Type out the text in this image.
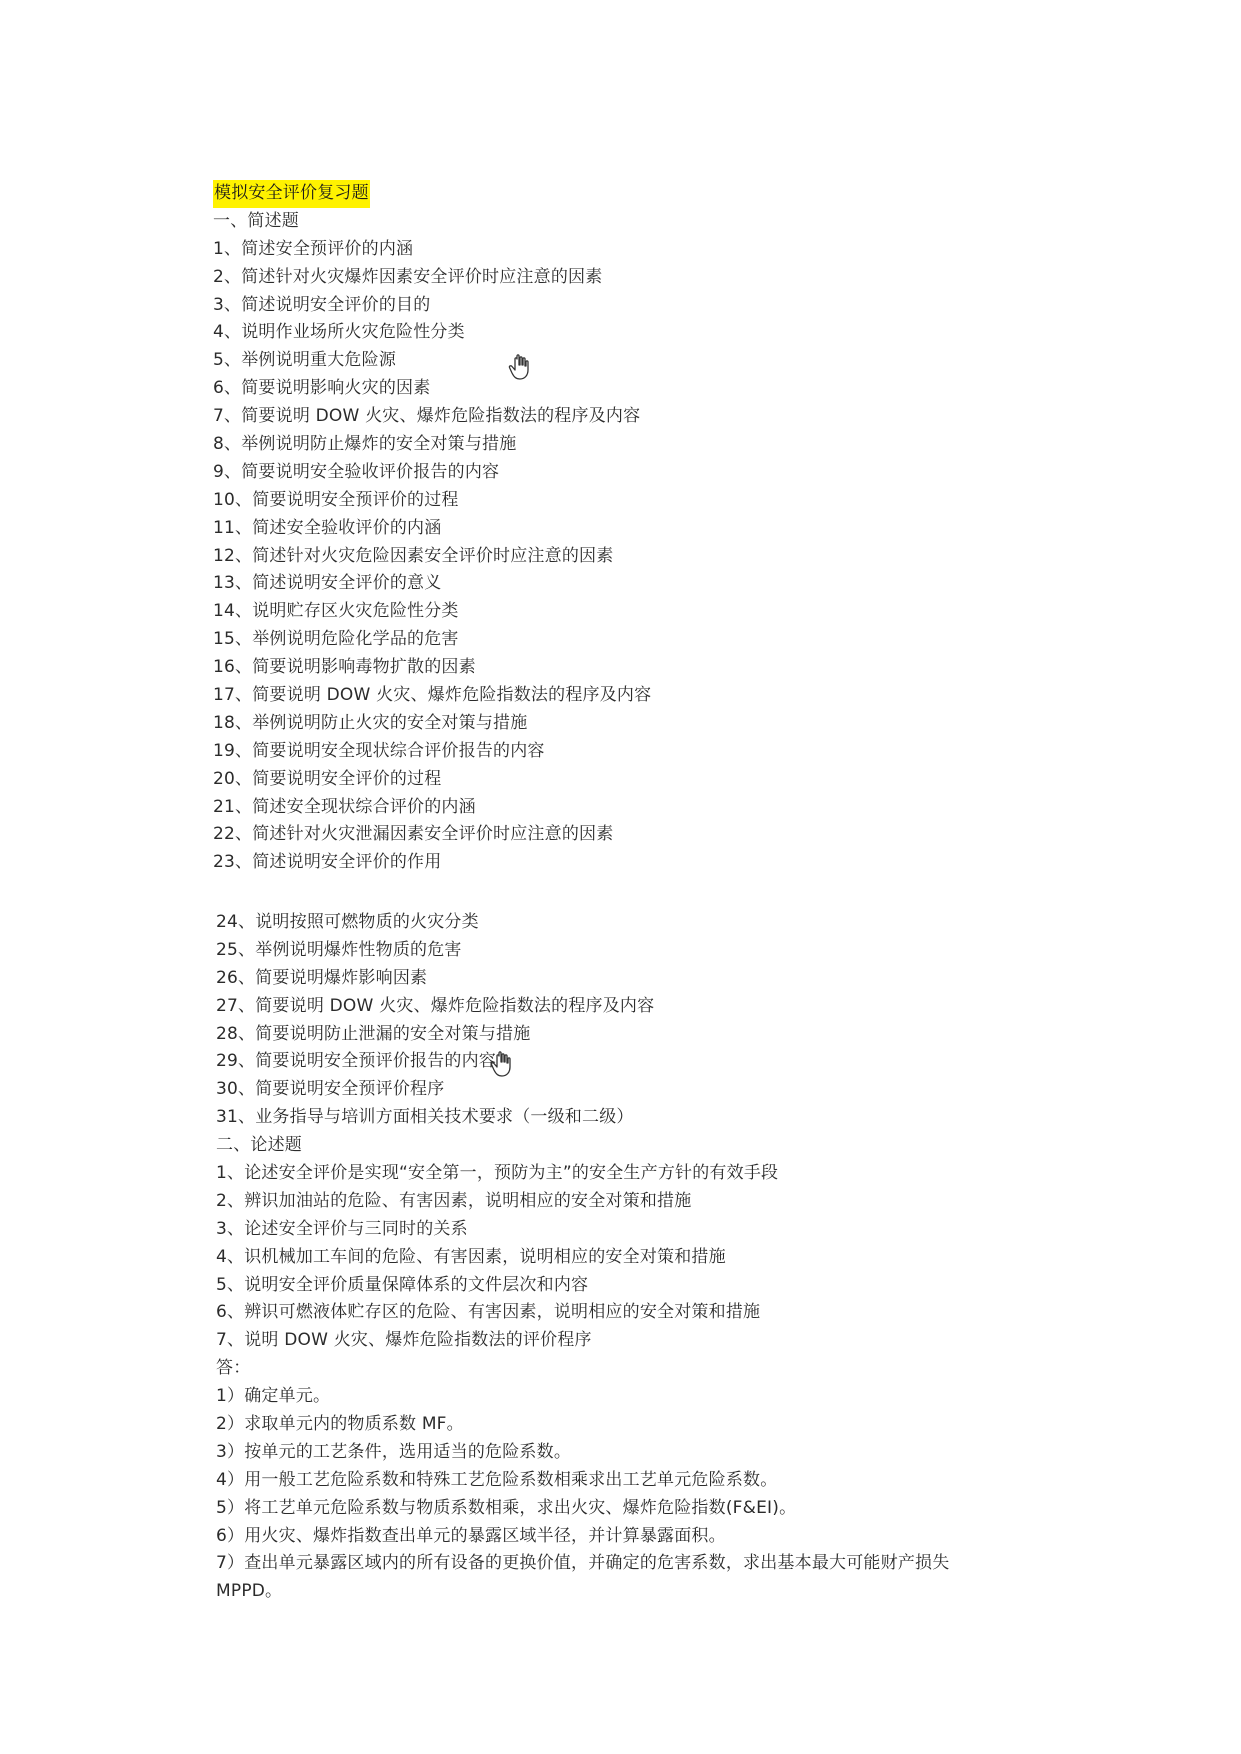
模拟安全评价复习题
一、简述题
1、简述安全预评价的内涵
2、简述针对火灾爆炸因素安全评价时应注意的因素
3、简述说明安全评价的目的
4、说明作业场所火灾危险性分类
5、举例说明重大危险源
6、简要说明影响火灾的因素
7、简要说明 DOW 火灾、爆炸危险指数法的程序及内容
8、举例说明防止爆炸的安全对策与措施
9、简要说明安全验收评价报告的内容
10、简要说明安全预评价的过程
11、简述安全验收评价的内涵
12、简述针对火灾危险因素安全评价时应注意的因素
13、简述说明安全评价的意义
14、说明贮存区火灾危险性分类
15、举例说明危险化学品的危害
16、简要说明影响毒物扩散的因素
17、简要说明 DOW 火灾、爆炸危险指数法的程序及内容
18、举例说明防止火灾的安全对策与措施
19、简要说明安全现状综合评价报告的内容
20、简要说明安全评价的过程
21、简述安全现状综合评价的内涵
22、简述针对火灾泄漏因素安全评价时应注意的因素
23、简述说明安全评价的作用
24、说明按照可燃物质的火灾分类
25、举例说明爆炸性物质的危害
26、简要说明爆炸影响因素
27、简要说明 DOW 火灾、爆炸危险指数法的程序及内容
28、简要说明防止泄漏的安全对策与措施
29、简要说明安全预评价报告的内容
30、简要说明安全预评价程序
31、业务指导与培训方面相关技术要求（一级和二级）
二、论述题
1、论述安全评价是实现“安全第一，预防为主”的安全生产方针的有效手段
2、辨识加油站的危险、有害因素，说明相应的安全对策和措施
3、论述安全评价与三同时的关系
4、识机械加工车间的危险、有害因素，说明相应的安全对策和措施
5、说明安全评价质量保障体系的文件层次和内容
6、辨识可燃液体贮存区的危险、有害因素，说明相应的安全对策和措施
7、说明 DOW 火灾、爆炸危险指数法的评价程序
答：
1）确定单元。
2）求取单元内的物质系数 MF。
3）按单元的工艺条件，选用适当的危险系数。
4）用一般工艺危险系数和特殊工艺危险系数相乘求出工艺单元危险系数。
5）将工艺单元危险系数与物质系数相乘，求出火灾、爆炸危险指数(F&EI)。
6）用火灾、爆炸指数查出单元的暴露区域半径，并计算暴露面积。
7）查出单元暴露区域内的所有设备的更换价值，并确定的危害系数，求出基本最大可能财产损失 MPPD。
